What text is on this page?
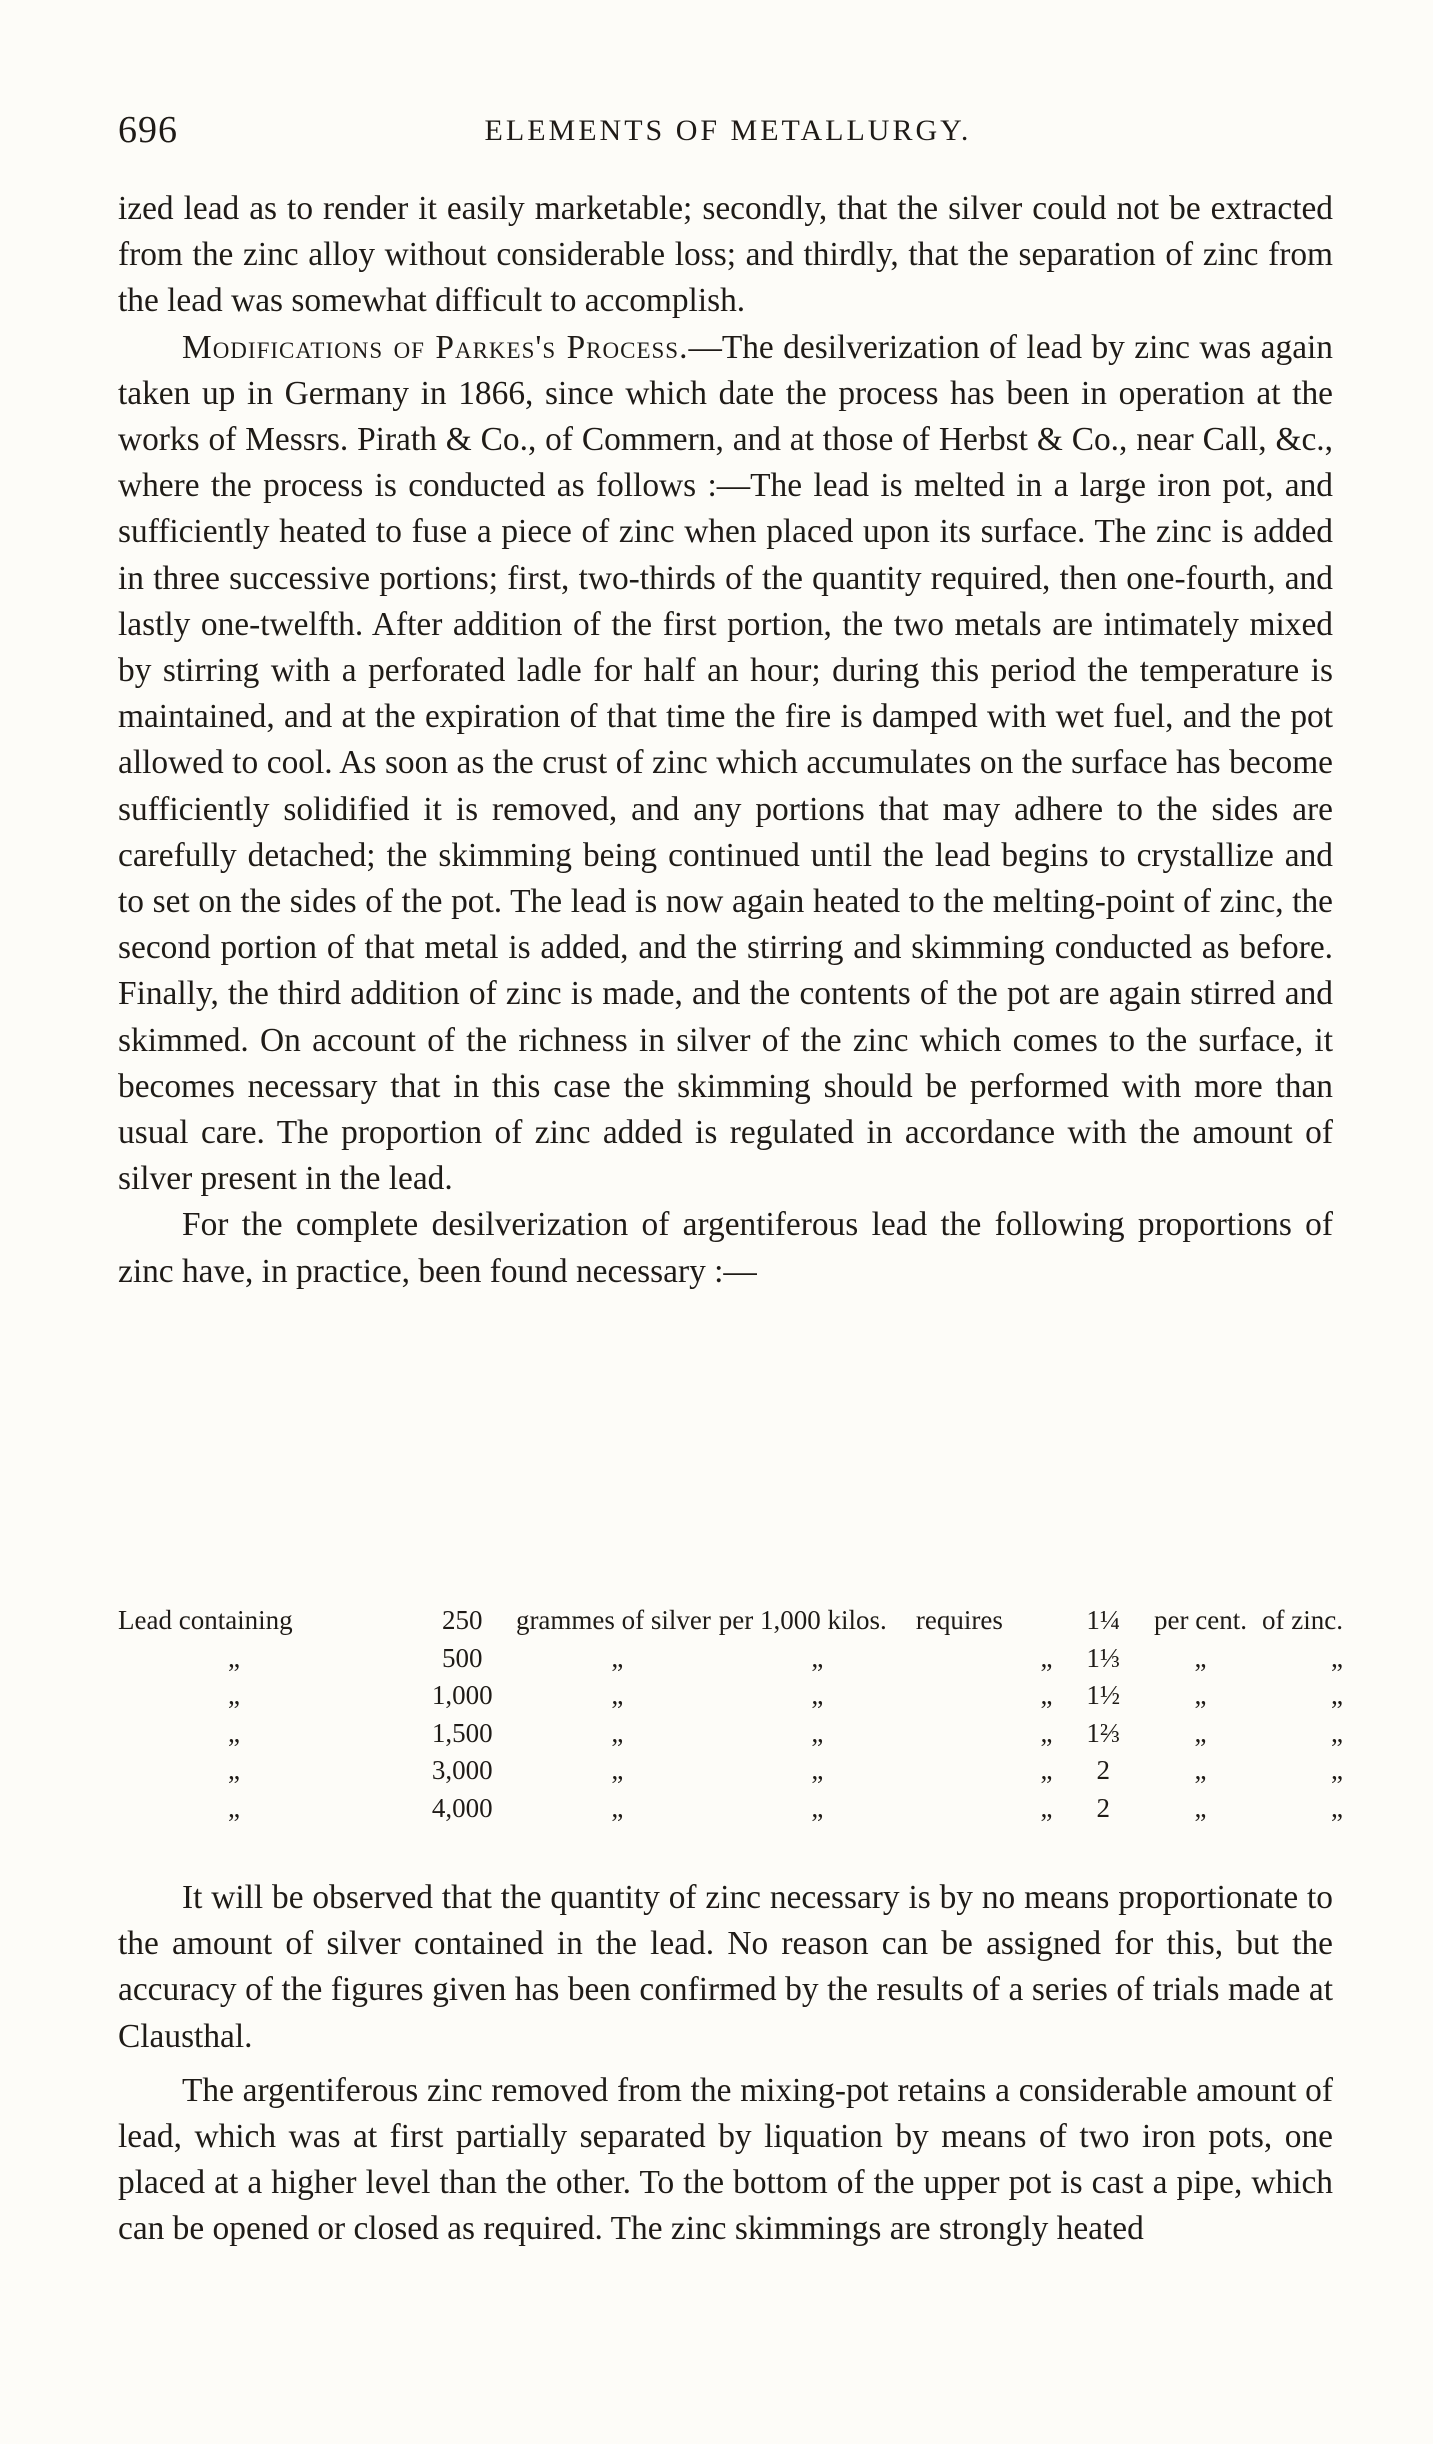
696	ELEMENTS OF METALLURGY.

ized lead as to render it easily marketable; secondly, that the silver could not be extracted from the zinc alloy without considerable loss; and thirdly, that the separation of zinc from the lead was somewhat difficult to accomplish.

Modifications of Parkes's Process.—The desilverization of lead by zinc was again taken up in Germany in 1866, since which date the process has been in operation at the works of Messrs. Pirath & Co., of Commern, and at those of Herbst & Co., near Call, &c., where the process is conducted as follows :—The lead is melted in a large iron pot, and sufficiently heated to fuse a piece of zinc when placed upon its surface. The zinc is added in three successive portions; first, two-thirds of the quantity required, then one-fourth, and lastly one-twelfth. After addition of the first portion, the two metals are intimately mixed by stirring with a perforated ladle for half an hour; during this period the temperature is maintained, and at the expiration of that time the fire is damped with wet fuel, and the pot allowed to cool. As soon as the crust of zinc which accumulates on the surface has become sufficiently solidified it is removed, and any portions that may adhere to the sides are carefully detached; the skimming being continued until the lead begins to crystallize and to set on the sides of the pot. The lead is now again heated to the melting-point of zinc, the second portion of that metal is added, and the stirring and skimming conducted as before. Finally, the third addition of zinc is made, and the contents of the pot are again stirred and skimmed. On account of the richness in silver of the zinc which comes to the surface, it becomes necessary that in this case the skimming should be performed with more than usual care. The proportion of zinc added is regulated in accordance with the amount of silver present in the lead.

For the complete desilverization of argentiferous lead the following proportions of zinc have, in practice, been found necessary :—

Lead containing	250	grammes of silver	per 1,000 kilos.	requires	1¼	per cent.	of zinc.
„	500	„	„	„	1⅓	„	„
„	1,000	„	„	„	1½	„	„
„	1,500	„	„	„	1⅔	„	„
„	3,000	„	„	„	2	„	„
„	4,000	„	„	„	2	„	„

It will be observed that the quantity of zinc necessary is by no means proportionate to the amount of silver contained in the lead. No reason can be assigned for this, but the accuracy of the figures given has been confirmed by the results of a series of trials made at Clausthal.

The argentiferous zinc removed from the mixing-pot retains a considerable amount of lead, which was at first partially separated by liquation by means of two iron pots, one placed at a higher level than the other. To the bottom of the upper pot is cast a pipe, which can be opened or closed as required. The zinc skimmings are strongly heated
